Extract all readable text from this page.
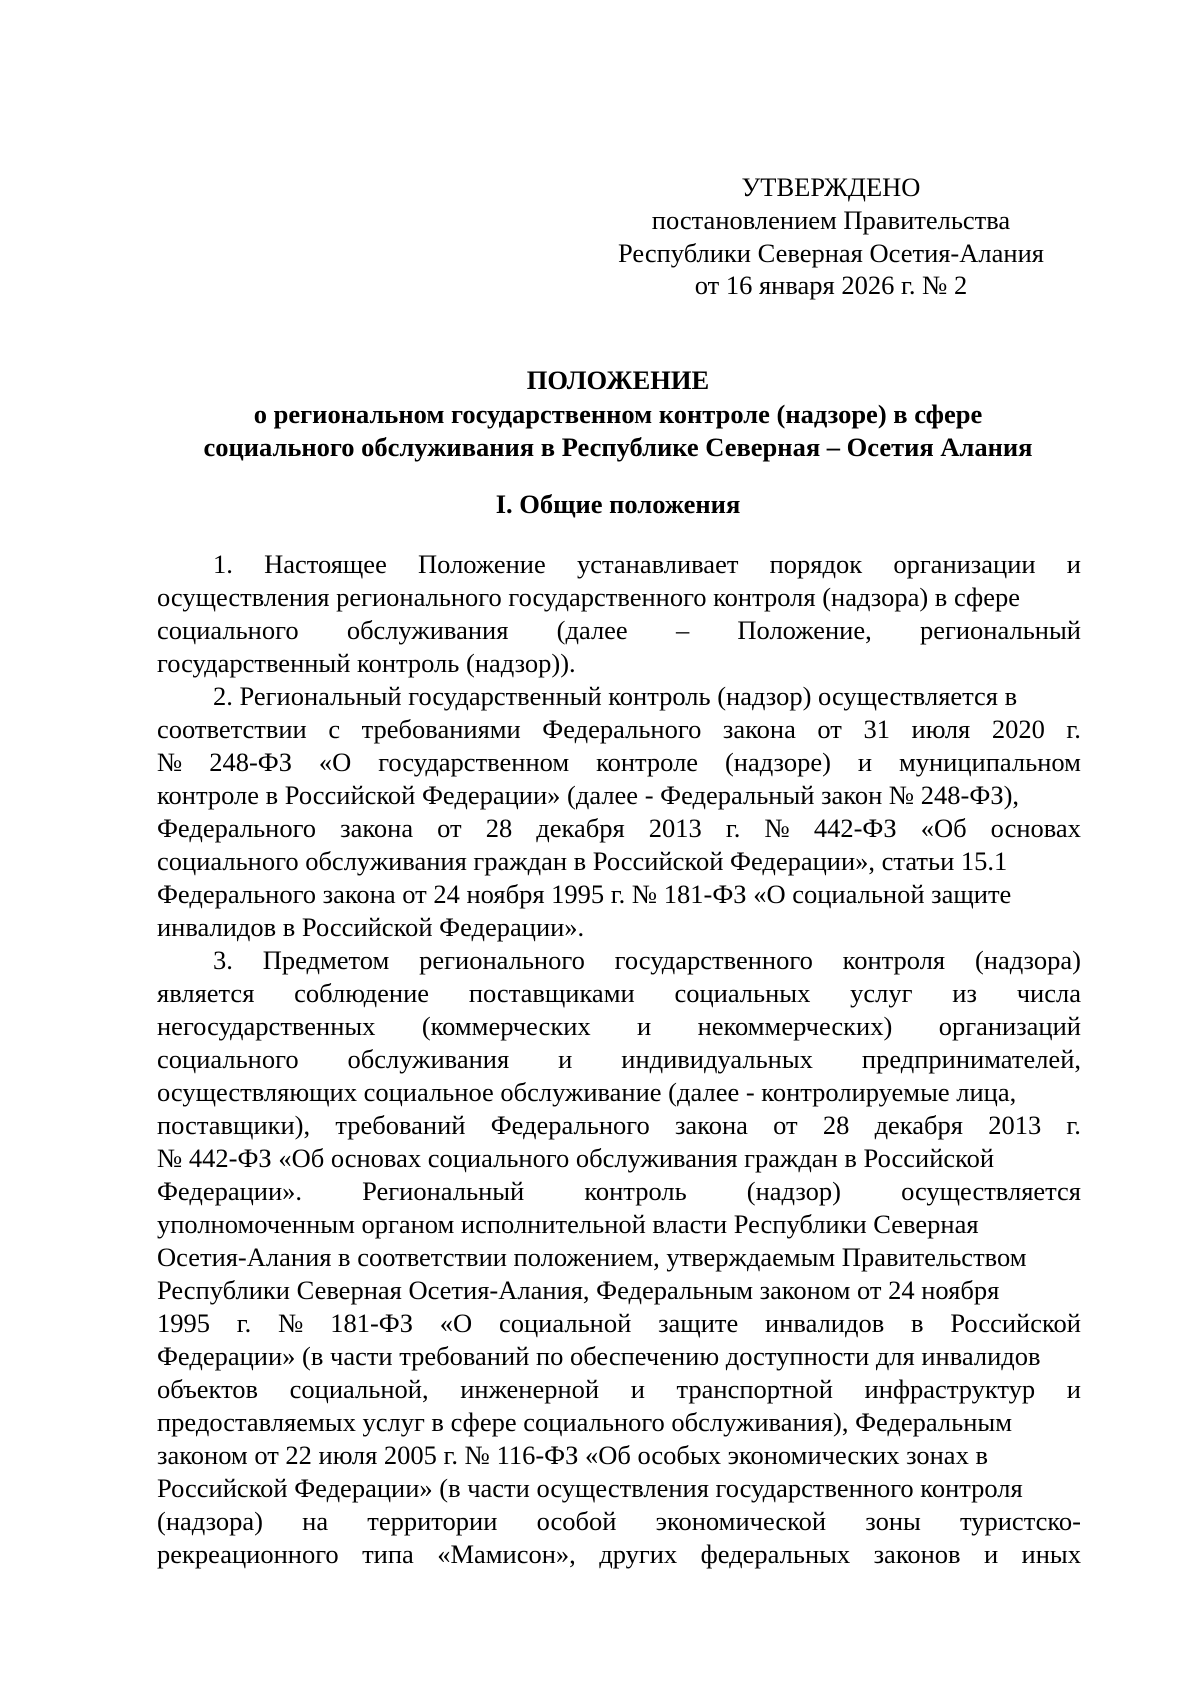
УТВЕРЖДЕНО
постановлением Правительства
Республики Северная Осетия-Алания
от 16 января 2026 г. № 2
ПОЛОЖЕНИЕ
о региональном государственном контроле (надзоре) в сфере
социального обслуживания в Республике Северная – Осетия Алания
I. Общие положения
1. Настоящее Положение устанавливает порядок организации и
осуществления регионального государственного контроля (надзора) в сфере
социального обслуживания (далее – Положение, региональный
государственный контроль (надзор)).
2. Региональный государственный контроль (надзор) осуществляется в
соответствии с требованиями Федерального закона от 31 июля 2020 г.
№ 248-ФЗ «О государственном контроле (надзоре) и муниципальном
контроле в Российской Федерации» (далее - Федеральный закон № 248-ФЗ),
Федерального закона от 28 декабря 2013 г. № 442-ФЗ «Об основах
социального обслуживания граждан в Российской Федерации», статьи 15.1
Федерального закона от 24 ноября 1995 г. № 181-ФЗ «О социальной защите
инвалидов в Российской Федерации».
3. Предметом регионального государственного контроля (надзора)
является соблюдение поставщиками социальных услуг из числа
негосударственных (коммерческих и некоммерческих) организаций
социального обслуживания и индивидуальных предпринимателей,
осуществляющих социальное обслуживание (далее - контролируемые лица,
поставщики), требований Федерального закона от 28 декабря 2013 г.
№ 442-ФЗ «Об основах социального обслуживания граждан в Российской
Федерации». Региональный контроль (надзор) осуществляется
уполномоченным органом исполнительной власти Республики Северная
Осетия-Алания в соответствии положением, утверждаемым Правительством
Республики Северная Осетия-Алания, Федеральным законом от 24 ноября
1995 г. № 181-ФЗ «О социальной защите инвалидов в Российской
Федерации» (в части требований по обеспечению доступности для инвалидов
объектов социальной, инженерной и транспортной инфраструктур и
предоставляемых услуг в сфере социального обслуживания), Федеральным
законом от 22 июля 2005 г. № 116-ФЗ «Об особых экономических зонах в
Российской Федерации» (в части осуществления государственного контроля
(надзора) на территории особой экономической зоны туристско-
рекреационного типа «Мамисон», других федеральных законов и иных
